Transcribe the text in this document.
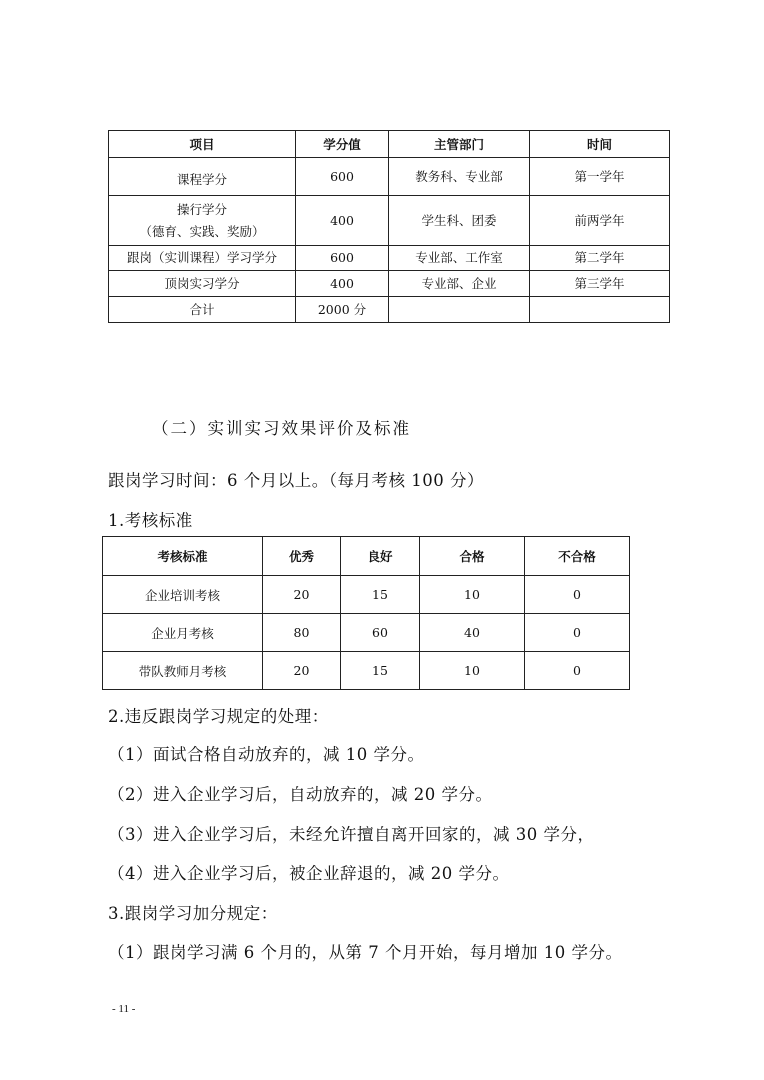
项目	学分值	主管部门	时间
课程学分	600	教务科、专业部	第一学年

操行学分
（德育、实践、奖励）	400	学生科、团委	前两学年
跟岗（实训课程）学习学分	600	专业部、工作室	第二学年
顶岗实习学分	400	专业部、企业	第三学年
合计	2000 分		
（二）实训实习效果评价及标准
跟岗学习时间：6 个月以上。（每月考核 100 分）
1.考核标准
考核标准	优秀	良好	合格	不合格
企业培训考核	20	15	10	0
企业月考核	80	60	40	0
带队教师月考核	20	15	10	0
2.违反跟岗学习规定的处理：
（1）面试合格自动放弃的，减 10 学分。
（2）进入企业学习后，自动放弃的，减 20 学分。
（3）进入企业学习后，未经允许擅自离开回家的，减 30 学分，
（4）进入企业学习后，被企业辞退的，减 20 学分。
3.跟岗学习加分规定：
（1）跟岗学习满 6 个月的，从第 7 个月开始，每月增加 10 学分。
- 11 -
